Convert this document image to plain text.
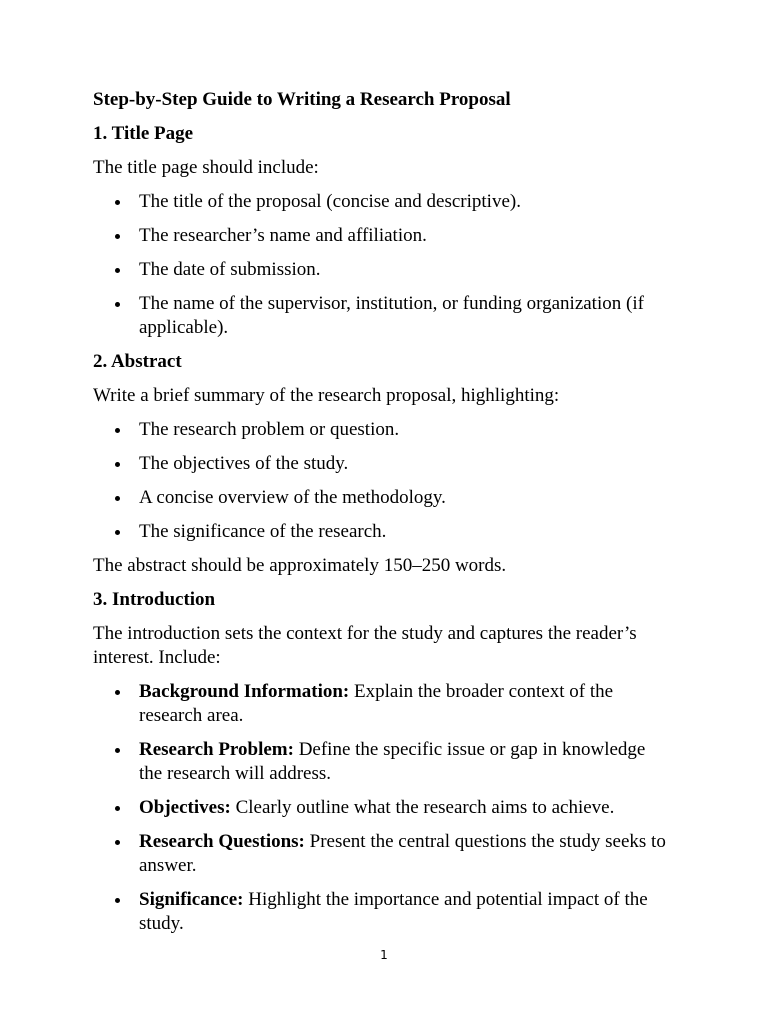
Step-by-Step Guide to Writing a Research Proposal

1. Title Page

The title page should include:

The title of the proposal (concise and descriptive).
The researcher’s name and affiliation.
The date of submission.
The name of the supervisor, institution, or funding organization (if applicable).

2. Abstract

Write a brief summary of the research proposal, highlighting:

The research problem or question.
The objectives of the study.
A concise overview of the methodology.
The significance of the research.

The abstract should be approximately 150–250 words.

3. Introduction

The introduction sets the context for the study and captures the reader’s interest. Include:

Background Information: Explain the broader context of the research area.
Research Problem: Define the specific issue or gap in knowledge the research will address.
Objectives: Clearly outline what the research aims to achieve.
Research Questions: Present the central questions the study seeks to answer.
Significance: Highlight the importance and potential impact of the study.
1
